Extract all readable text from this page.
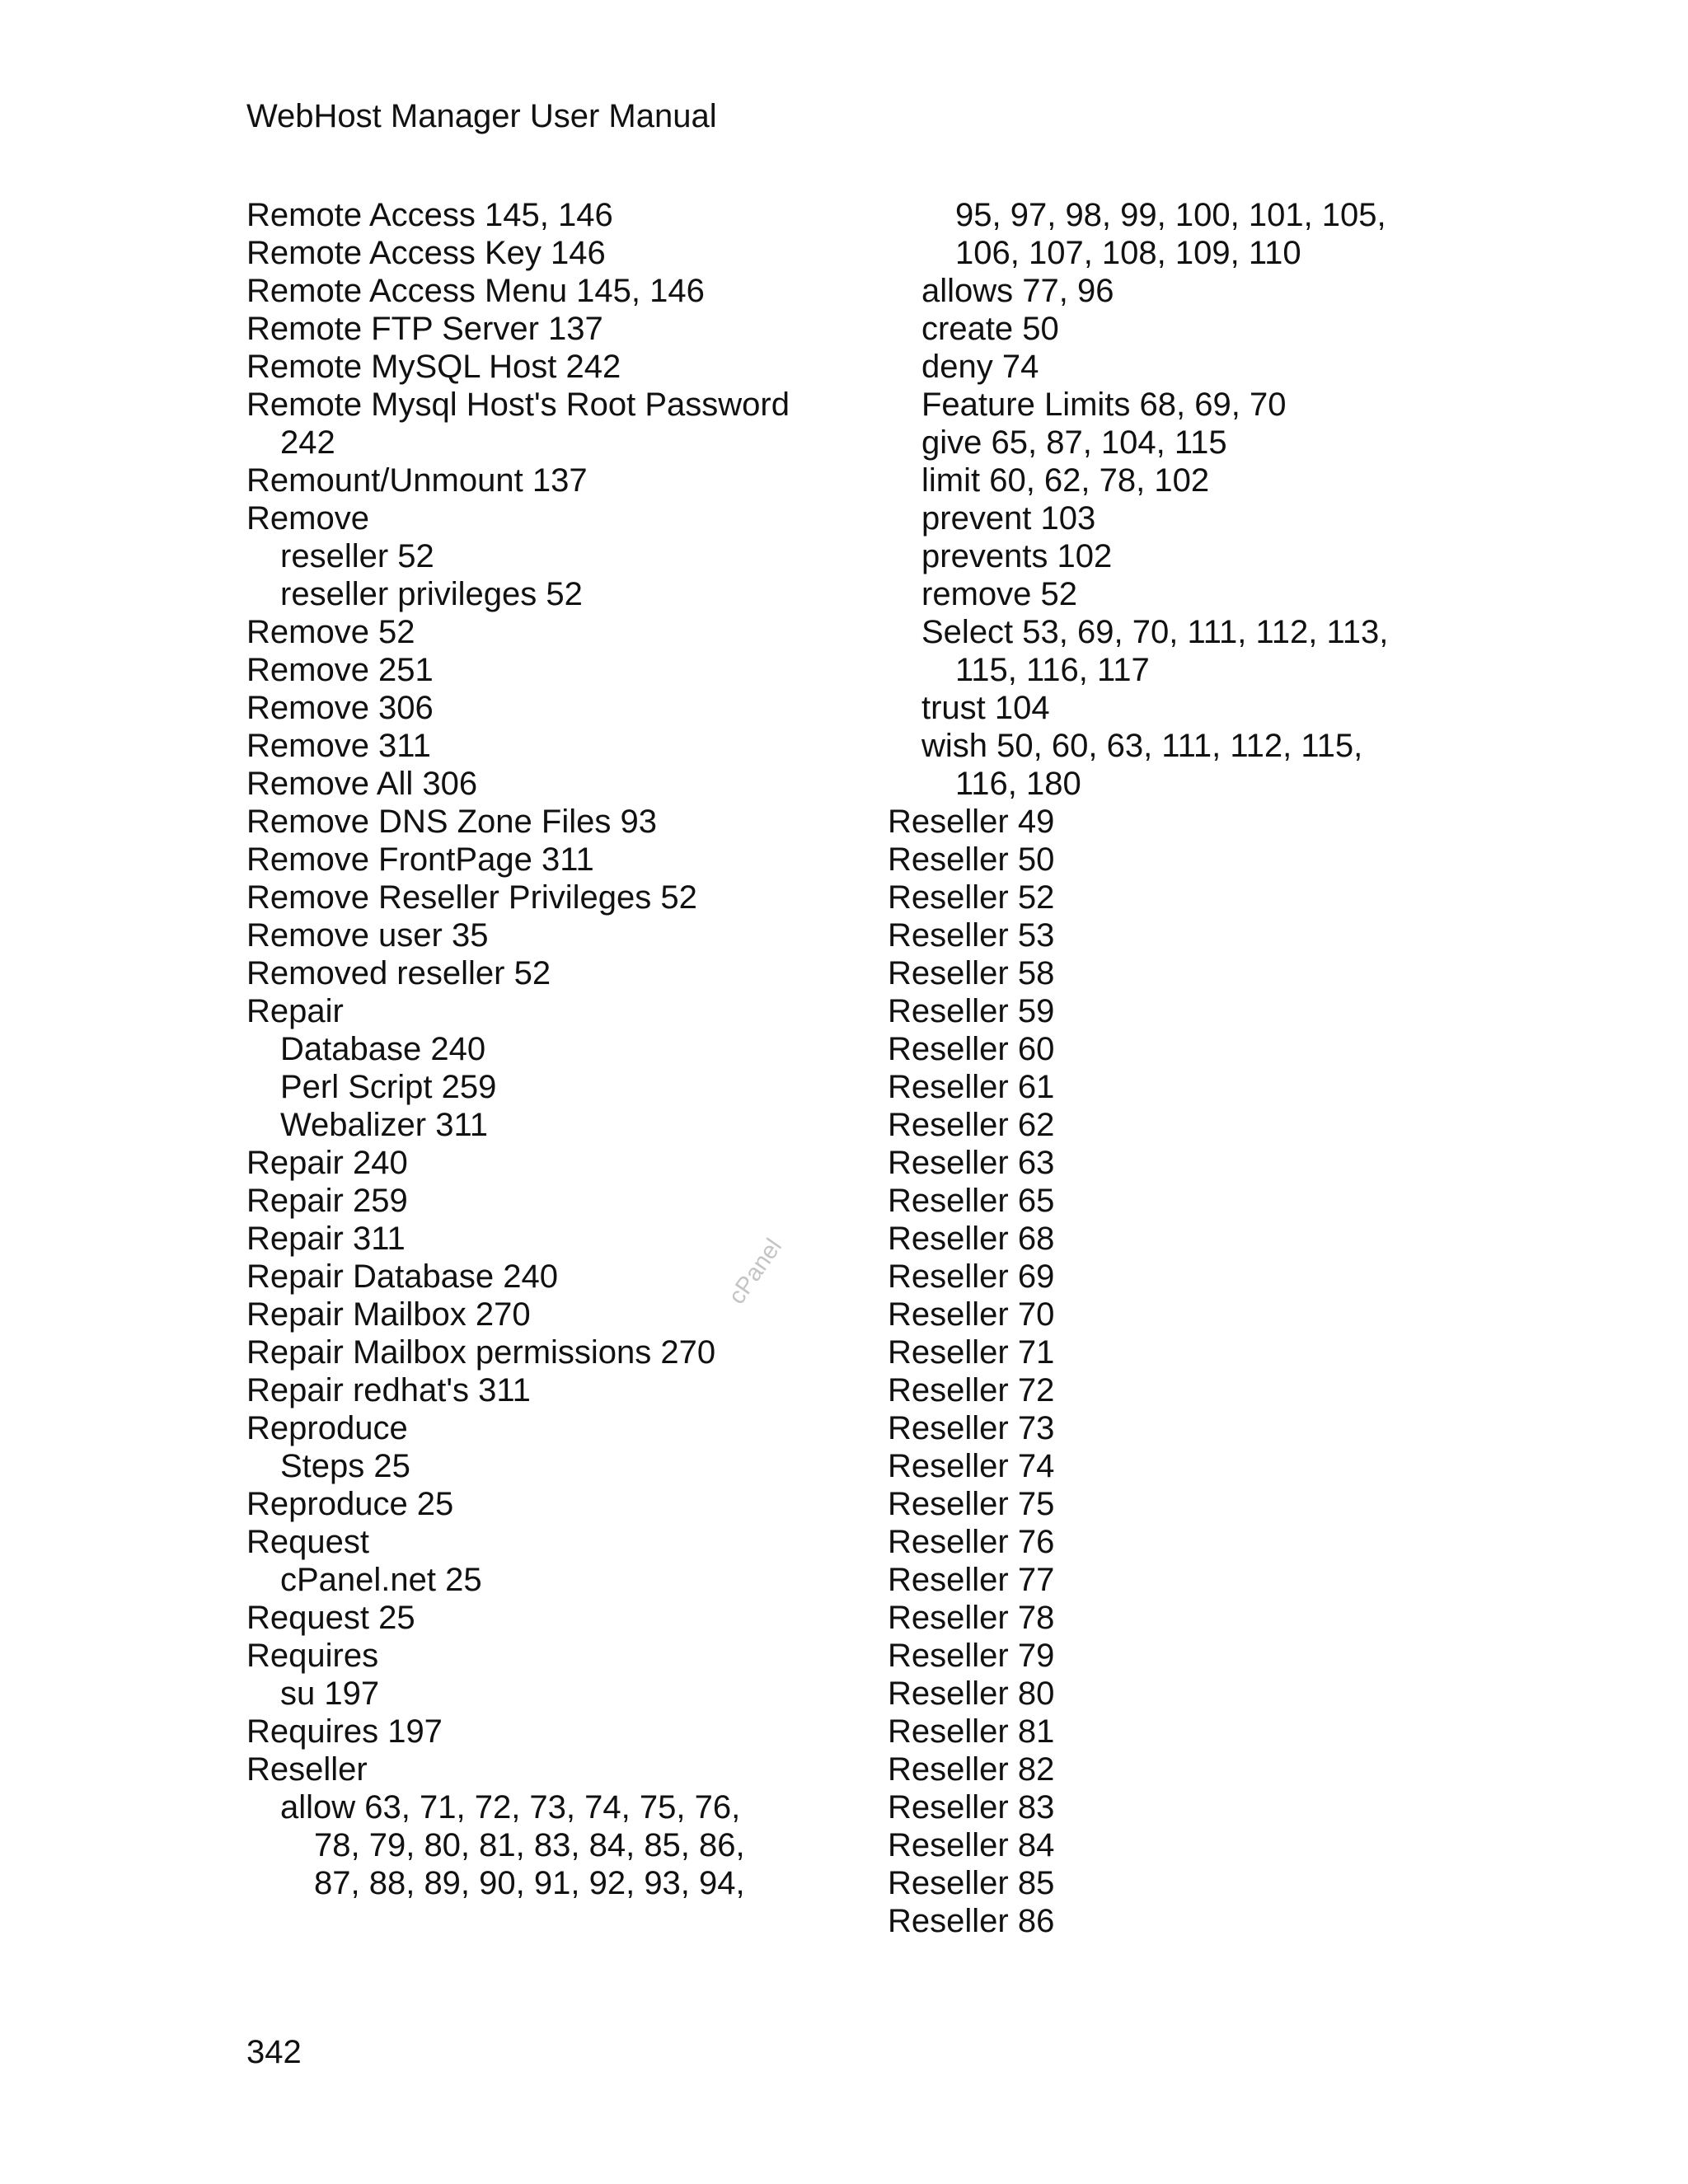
WebHost Manager User Manual
Remote Access 145, 146
Remote Access Key 146
Remote Access Menu 145, 146
Remote FTP Server 137
Remote MySQL Host 242
Remote Mysql Host's Root Password
242
Remount/Unmount 137
Remove
reseller 52
reseller privileges 52
Remove 52
Remove 251
Remove 306
Remove 311
Remove All 306
Remove DNS Zone Files 93
Remove FrontPage 311
Remove Reseller Privileges 52
Remove user 35
Removed reseller 52
Repair
Database 240
Perl Script 259
Webalizer 311
Repair 240
Repair 259
Repair 311
Repair Database 240
Repair Mailbox 270
Repair Mailbox permissions 270
Repair redhat's 311
Reproduce
Steps 25
Reproduce 25
Request
cPanel.net 25
Request 25
Requires
su 197
Requires 197
Reseller
allow 63, 71, 72, 73, 74, 75, 76,
78, 79, 80, 81, 83, 84, 85, 86,
87, 88, 89, 90, 91, 92, 93, 94,
95, 97, 98, 99, 100, 101, 105,
106, 107, 108, 109, 110
allows 77, 96
create 50
deny 74
Feature Limits 68, 69, 70
give 65, 87, 104, 115
limit 60, 62, 78, 102
prevent 103
prevents 102
remove 52
Select 53, 69, 70, 111, 112, 113,
115, 116, 117
trust 104
wish 50, 60, 63, 111, 112, 115,
116, 180
Reseller 49
Reseller 50
Reseller 52
Reseller 53
Reseller 58
Reseller 59
Reseller 60
Reseller 61
Reseller 62
Reseller 63
Reseller 65
Reseller 68
Reseller 69
Reseller 70
Reseller 71
Reseller 72
Reseller 73
Reseller 74
Reseller 75
Reseller 76
Reseller 77
Reseller 78
Reseller 79
Reseller 80
Reseller 81
Reseller 82
Reseller 83
Reseller 84
Reseller 85
Reseller 86
cPanel
342
